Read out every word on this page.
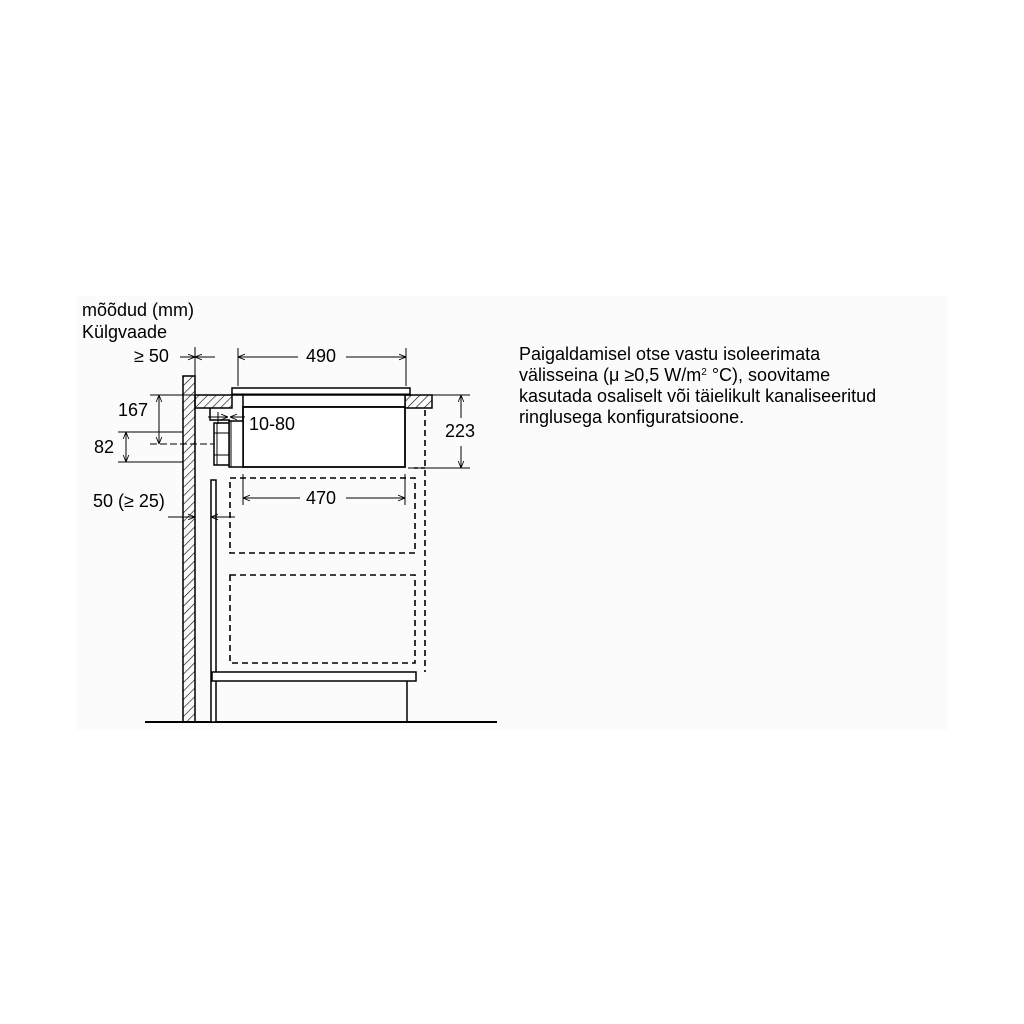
mõõdud (mm)
Külgvaade
≥ 50	490
167
82
10-80	223
470
50 (≥ 25)
Paigaldamisel otse vastu isoleerimata
välisseina (μ ≥0,5 $W/m^2$ °C), soovitame
kasutada osaliselt või täielikult kanaliseeritud
ringlusega konfiguratsioone.
